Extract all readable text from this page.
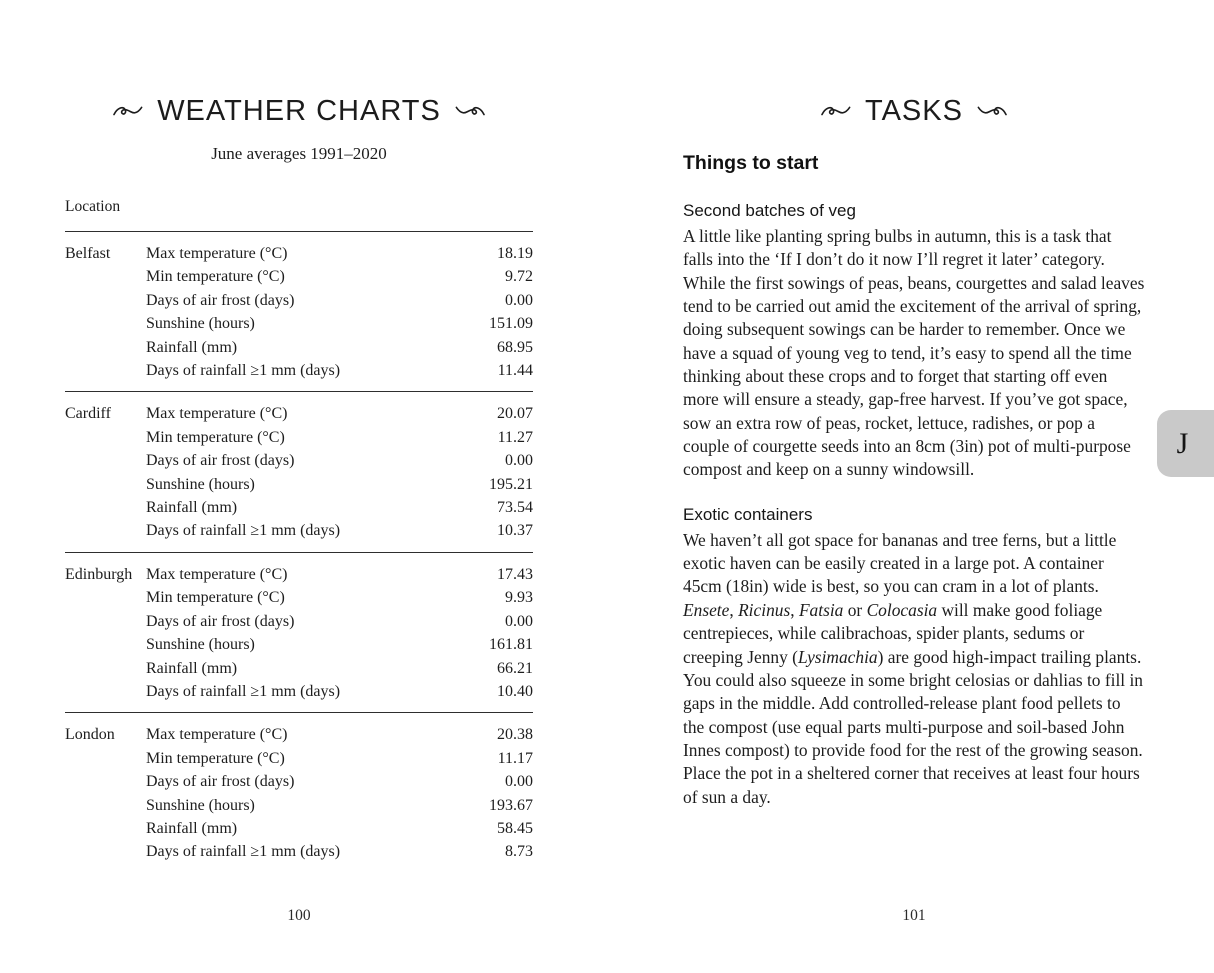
WEATHER CHARTS
June averages 1991–2020
Location
Belfast	Max temperature (°C)	18.19
Min temperature (°C)	9.72
Days of air frost (days)	0.00
Sunshine (hours)	151.09
Rainfall (mm)	68.95
Days of rainfall ≥1 mm (days)	11.44
Cardiff	Max temperature (°C)	20.07
Min temperature (°C)	11.27
Days of air frost (days)	0.00
Sunshine (hours)	195.21
Rainfall (mm)	73.54
Days of rainfall ≥1 mm (days)	10.37
Edinburgh Max temperature (°C)	17.43
Min temperature (°C)	9.93
Days of air frost (days)	0.00
Sunshine (hours)	161.81
Rainfall (mm)	66.21
Days of rainfall ≥1 mm (days)	10.40
London	Max temperature (°C)	20.38
Min temperature (°C)	11.17
Days of air frost (days)	0.00
Sunshine (hours)	193.67
Rainfall (mm)	58.45
Days of rainfall ≥1 mm (days)	8.73
100
TASKS
Things to start
Second batches of veg

A little like planting spring bulbs in autumn, this is a task that falls into the ‘If I don’t do it now I’ll regret it later’ category. While the first sowings of peas, beans, courgettes and salad leaves tend to be carried out amid the excitement of the arrival of spring, doing subsequent sowings can be harder to remember. Once we have a squad of young veg to tend, it’s easy to spend all the time thinking about these crops and to forget that starting off even more will ensure a steady, gap-free harvest. If you’ve got space, sow an extra row of peas, rocket, lettuce, radishes, or pop a couple of courgette seeds into an 8cm (3in) pot of multi-purpose compost and keep on a sunny windowsill.

Exotic containers

We haven’t all got space for bananas and tree ferns, but a little exotic haven can be easily created in a large pot. A container 45cm (18in) wide is best, so you can cram in a lot of plants. Ensete, Ricinus, Fatsia or Colocasia will make good foliage centrepieces, while calibrachoas, spider plants, sedums or creeping Jenny (Lysimachia) are good high-impact trailing plants. You could also squeeze in some bright celosias or dahlias to fill in gaps in the middle. Add controlled-release plant food pellets to the compost (use equal parts multi-purpose and soil-based John Innes compost) to provide food for the rest of the growing season. Place the pot in a sheltered corner that receives at least four hours of sun a day.

101
J
